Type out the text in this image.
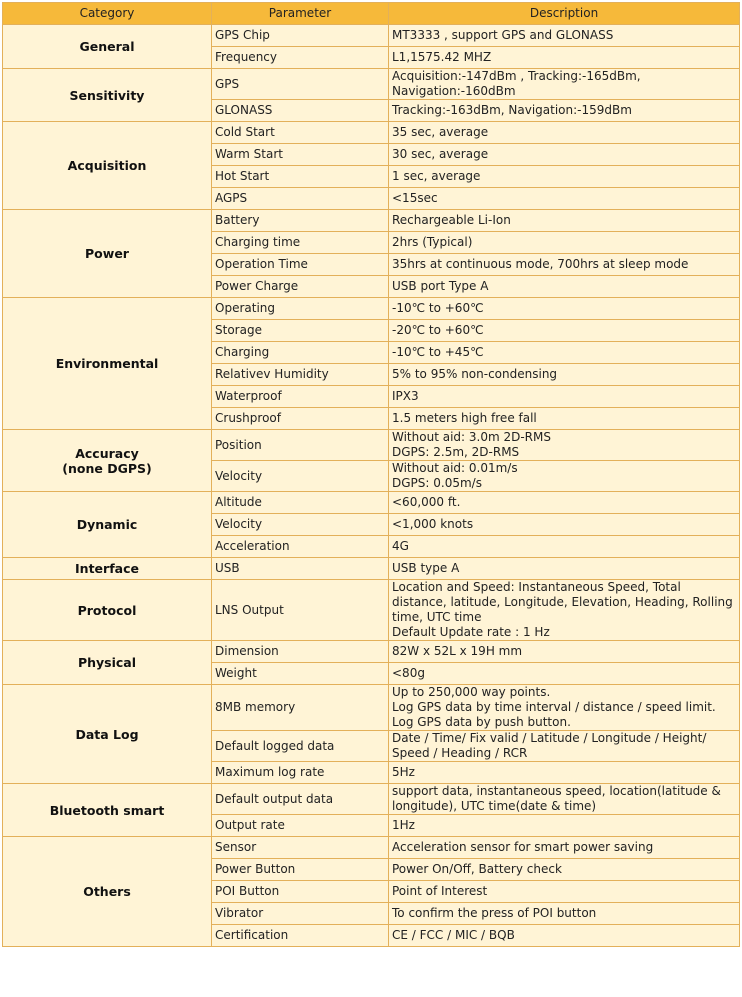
Category	Parameter	Description
General	GPS Chip	MT3333 , support GPS and GLONASS
	Frequency	L1,1575.42 MHZ
Sensitivity	GPS	Acquisition:-147dBm , Tracking:-165dBm,
Navigation:-160dBm
	GLONASS	Tracking:-163dBm, Navigation:-159dBm
Acquisition	Cold Start	35 sec, average
	Warm Start	30 sec, average
	Hot Start	1 sec, average
	AGPS	<15sec
Power	Battery	Rechargeable Li-Ion
	Charging time	2hrs (Typical)
	Operation Time	35hrs at continuous mode, 700hrs at sleep mode
	Power Charge	USB port Type A
Environmental	Operating	-10℃ to +60℃
	Storage	-20℃ to +60℃
	Charging	-10℃ to +45℃
	Relativev Humidity	5% to 95% non-condensing
	Waterproof	IPX3
	Crushproof	1.5 meters high free fall
Accuracy
(none DGPS)	Position	Without aid: 3.0m 2D-RMS
DGPS: 2.5m, 2D-RMS
	Velocity	Without aid: 0.01m/s
DGPS: 0.05m/s
Dynamic	Altitude	<60,000 ft.
	Velocity	<1,000 knots
	Acceleration	4G
Interface	USB	USB type A
Protocol	LNS Output	Location and Speed: Instantaneous Speed, Total distance, latitude, Longitude, Elevation, Heading, Rolling time, UTC time
Default Update rate : 1 Hz
Physical	Dimension	82W x 52L x 19H mm
	Weight	<80g
Data Log	8MB memory	Up to 250,000 way points.
Log GPS data by time interval / distance / speed limit.
Log GPS data by push button.
	Default logged data	Date / Time/ Fix valid / Latitude / Longitude / Height/
Speed / Heading / RCR
	Maximum log rate	5Hz
Bluetooth smart	Default output data	support data, instantaneous speed, location(latitude &
longitude), UTC time(date & time)
	Output rate	1Hz
Others	Sensor	Acceleration sensor for smart power saving
	Power Button	Power On/Off, Battery check
	POI Button	Point of Interest
	Vibrator	To confirm the press of POI button
	Certification	CE / FCC / MIC / BQB
